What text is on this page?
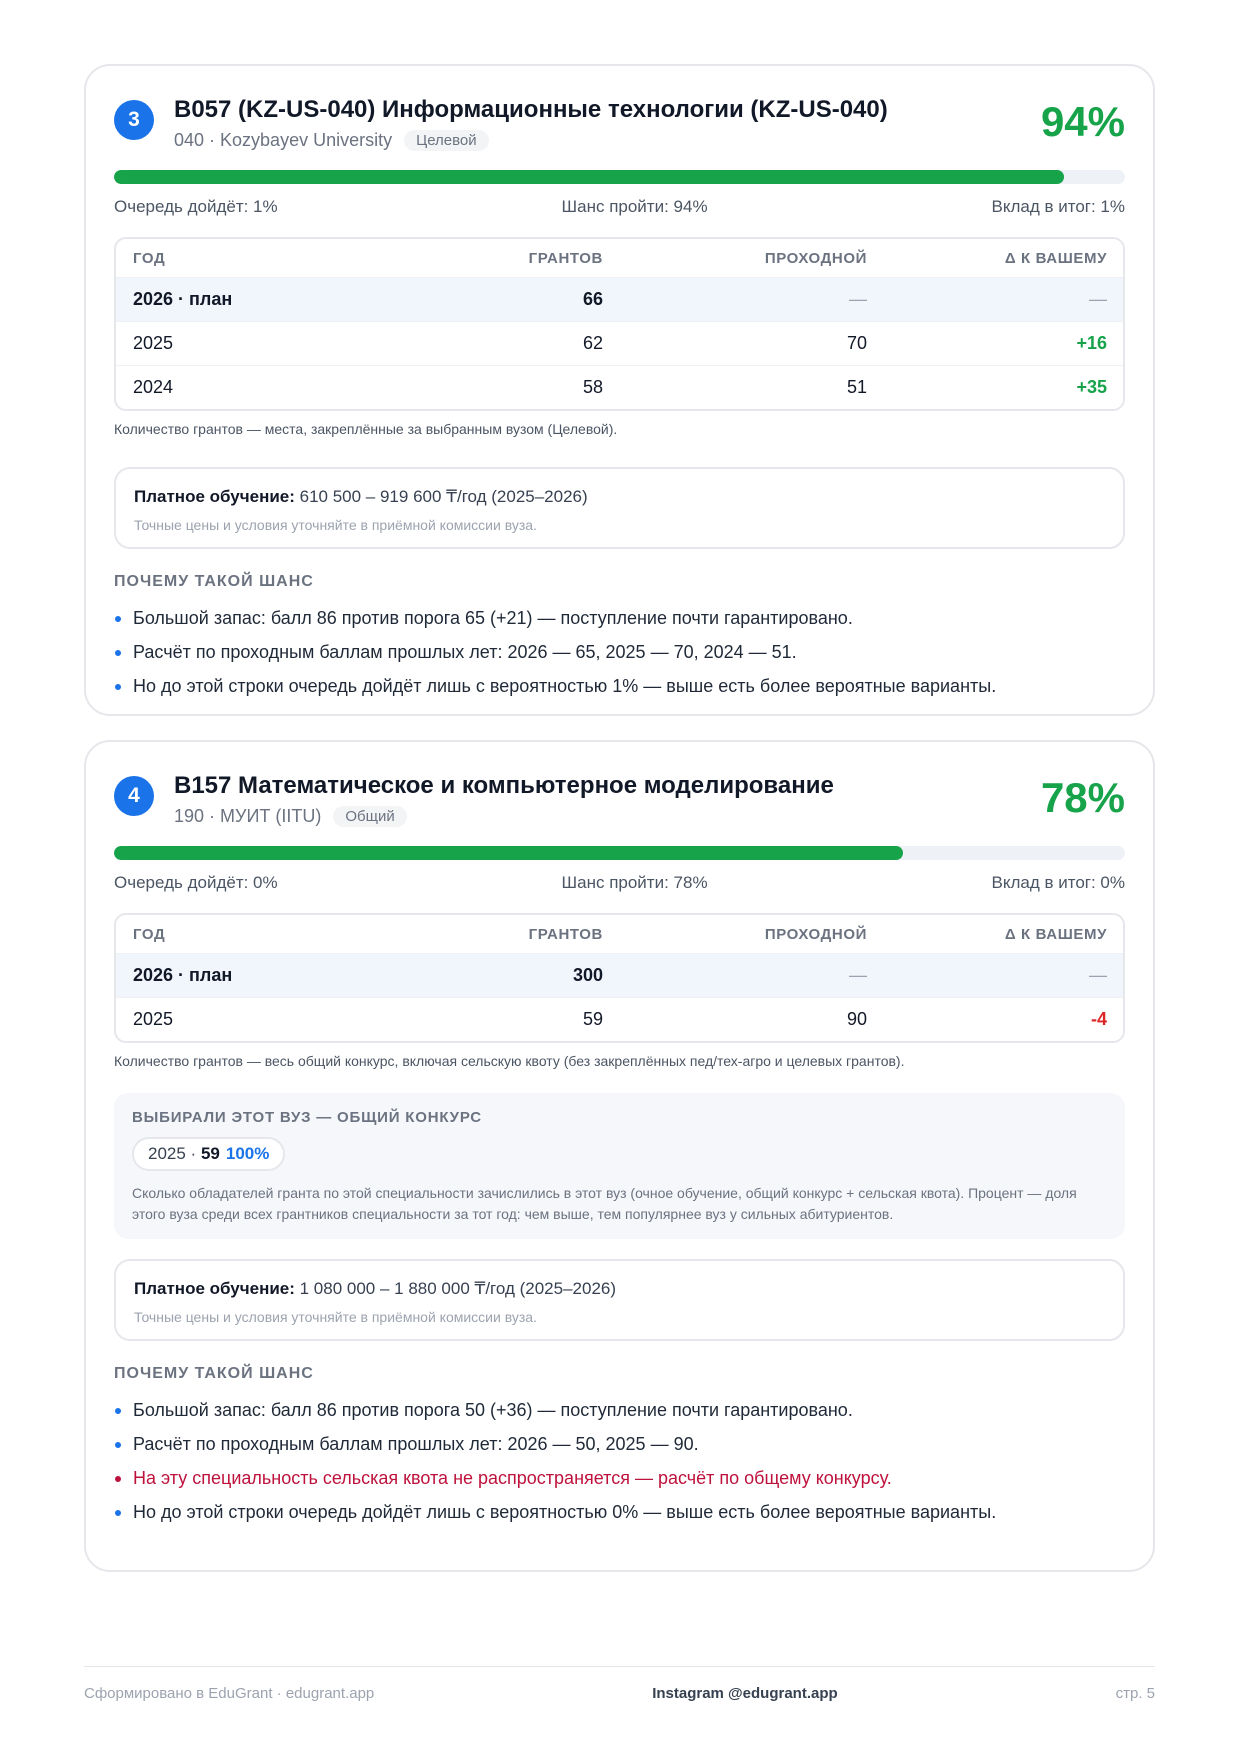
3	B057 (KZ-US-040) Информационные технологии (KZ-US-040)
040 · Kozybayev University	Целевой	94%
Очередь дойдёт: 1%	Шанс пройти: 94%	Вклад в итог: 1%
ГОД	ГРАНТОВ	ПРОХОДНОЙ	Δ К ВАШЕМУ
2026 · план	66	—	—
2025	62	70	+16
2024	58	51	+35
Количество грантов — места, закреплённые за выбранным вузом (Целевой).
Платное обучение: 610 500 – 919 600 ₸/год (2025–2026)
Точные цены и условия уточняйте в приёмной комиссии вуза.
ПОЧЕМУ ТАКОЙ ШАНС
Большой запас: балл 86 против порога 65 (+21) — поступление почти гарантировано.
Расчёт по проходным баллам прошлых лет: 2026 — 65, 2025 — 70, 2024 — 51.
Но до этой строки очередь дойдёт лишь с вероятностью 1% — выше есть более вероятные варианты.
4	B157 Математическое и компьютерное моделирование
190 · МУИТ (IITU)	Общий	78%
Очередь дойдёт: 0%	Шанс пройти: 78%	Вклад в итог: 0%
ГОД	ГРАНТОВ	ПРОХОДНОЙ	Δ К ВАШЕМУ
2026 · план	300	—	—
2025	59	90	-4
Количество грантов — весь общий конкурс, включая сельскую квоту (без закреплённых пед/тех-агро и целевых грантов).
ВЫБИРАЛИ ЭТОТ ВУЗ — ОБЩИЙ КОНКУРС
2025 · 59 100%
Сколько обладателей гранта по этой специальности зачислились в этот вуз (очное обучение, общий конкурс + сельская квота). Процент — доля этого вуза среди всех грантников специальности за тот год: чем выше, тем популярнее вуз у сильных абитуриентов.
Платное обучение: 1 080 000 – 1 880 000 ₸/год (2025–2026)
Точные цены и условия уточняйте в приёмной комиссии вуза.
ПОЧЕМУ ТАКОЙ ШАНС
Большой запас: балл 86 против порога 50 (+36) — поступление почти гарантировано.
Расчёт по проходным баллам прошлых лет: 2026 — 50, 2025 — 90.
На эту специальность сельская квота не распространяется — расчёт по общему конкурсу.
Но до этой строки очередь дойдёт лишь с вероятностью 0% — выше есть более вероятные варианты.
Сформировано в EduGrant · edugrant.app	Instagram @edugrant.app	стр. 5
